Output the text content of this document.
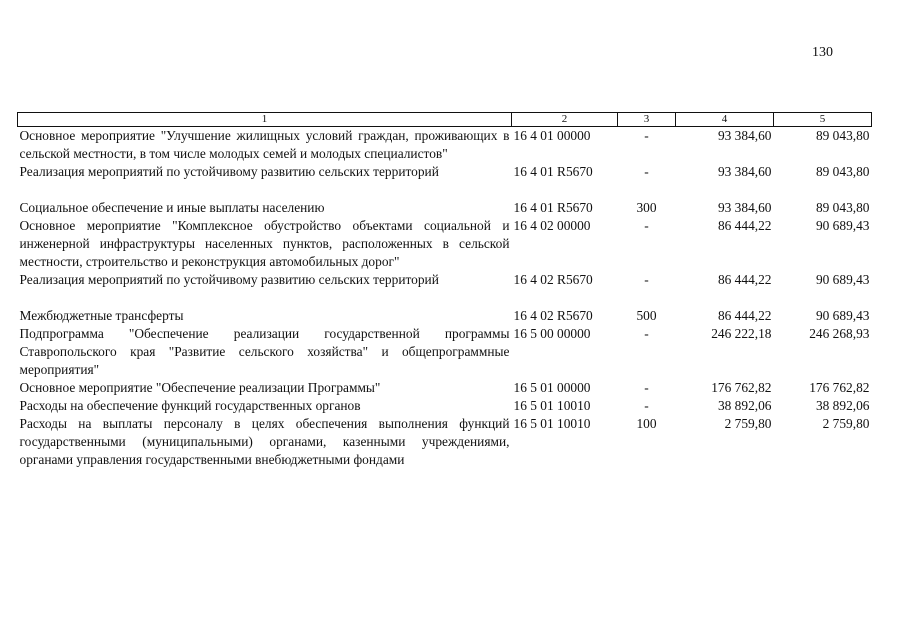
130
1	2	3	4	5
Основное мероприятие "Улучшение жилищных условий граждан, проживающих в сельской местности, в том числе молодых семей и молодых специалистов"	16 4 01 00000	-	93 384,60	89 043,80
Реализация мероприятий по устойчивому развитию сельских территорий	16 4 01 R5670	-	93 384,60	89 043,80
Социальное обеспечение и иные выплаты населению	16 4 01 R5670	300	93 384,60	89 043,80
Основное мероприятие "Комплексное обустройство объектами социальной и инженерной инфраструктуры населенных пунктов, расположенных в сельской местности, строительство и реконструкция автомобильных дорог"	16 4 02 00000	-	86 444,22	90 689,43
Реализация мероприятий по устойчивому развитию сельских территорий	16 4 02 R5670	-	86 444,22	90 689,43
Межбюджетные трансферты	16 4 02 R5670	500	86 444,22	90 689,43
Подпрограмма "Обеспечение реализации государственной программы Ставропольского края "Развитие сельского хозяйства" и общепрограммные мероприятия"	16 5 00 00000	-	246 222,18	246 268,93
Основное мероприятие "Обеспечение реализации Программы"	16 5 01 00000	-	176 762,82	176 762,82
Расходы на обеспечение функций государственных органов	16 5 01 10010	-	38 892,06	38 892,06
Расходы на выплаты персоналу в целях обеспечения выполнения функций государственными (муниципальными) органами, казенными учреждениями, органами управления государственными внебюджетными фондами	16 5 01 10010	100	2 759,80	2 759,80
